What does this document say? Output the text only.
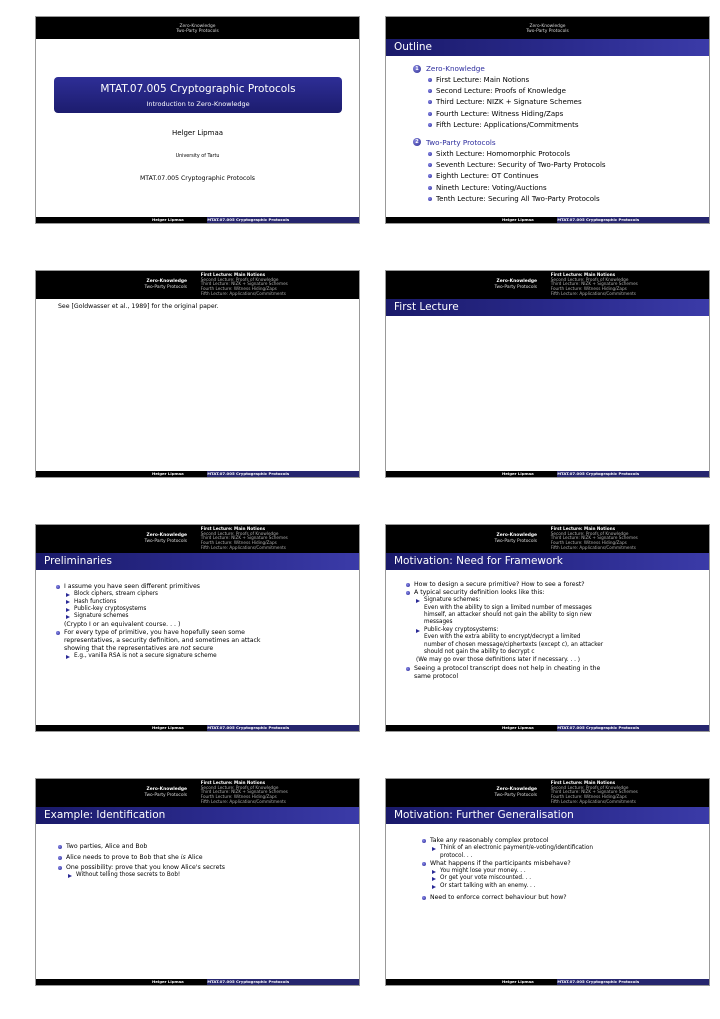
Zero-Knowledge
Two-Party Protocols
MTAT.07.005 Cryptographic Protocols
Introduction to Zero-Knowledge
Helger Lipmaa
University of Tartu
MTAT.07.005 Cryptographic Protocols
Helger Lipmaa	MTAT.07.005 Cryptographic Protocols
Zero-Knowledge
Two-Party Protocols
Outline
1	Zero-Knowledge
First Lecture: Main Notions
Second Lecture: Proofs of Knowledge
Third Lecture: NIZK + Signature Schemes
Fourth Lecture: Witness Hiding/Zaps
Fifth Lecture: Applications/Commitments
2	Two-Party Protocols
Sixth Lecture: Homomorphic Protocols
Seventh Lecture: Security of Two-Party Protocols
Eighth Lecture: OT Continues
Nineth Lecture: Voting/Auctions
Tenth Lecture: Securing All Two-Party Protocols
Helger Lipmaa	MTAT.07.005 Cryptographic Protocols
Zero-Knowledge
Two-Party Protocols
First Lecture: Main Notions
Second Lecture: Proofs of Knowledge
Third Lecture: NIZK + Signature Schemes
Fourth Lecture: Witness Hiding/Zaps
Fifth Lecture: Applications/Commitments
See [Goldwasser et al., 1989] for the original paper.
Helger Lipmaa	MTAT.07.005 Cryptographic Protocols
Zero-Knowledge
Two-Party Protocols
First Lecture: Main Notions
Second Lecture: Proofs of Knowledge
Third Lecture: NIZK + Signature Schemes
Fourth Lecture: Witness Hiding/Zaps
Fifth Lecture: Applications/Commitments
First Lecture
Helger Lipmaa	MTAT.07.005 Cryptographic Protocols
Zero-Knowledge
Two-Party Protocols
First Lecture: Main Notions
Second Lecture: Proofs of Knowledge
Third Lecture: NIZK + Signature Schemes
Fourth Lecture: Witness Hiding/Zaps
Fifth Lecture: Applications/Commitments
Preliminaries
I assume you have seen different primitives
Block ciphers, stream ciphers
Hash functions
Public-key cryptosystems
Signature schemes
(Crypto I or an equivalent course. . . )
For every type of primitive, you have hopefully seen some
representatives, a security definition, and sometimes an attack
showing that the representatives are not secure
E.g., vanilla RSA is not a secure signature scheme
Helger Lipmaa	MTAT.07.005 Cryptographic Protocols
Zero-Knowledge
Two-Party Protocols
First Lecture: Main Notions
Second Lecture: Proofs of Knowledge
Third Lecture: NIZK + Signature Schemes
Fourth Lecture: Witness Hiding/Zaps
Fifth Lecture: Applications/Commitments
Motivation: Need for Framework
How to design a secure primitive? How to see a forest?
A typical security definition looks like this:
Signature schemes:
Even with the ability to sign a limited number of messages
himself, an attacker should not gain the ability to sign new
messages
Public-key cryptosystems:
Even with the extra ability to encrypt/decrypt a limited
number of chosen message/ciphertexts (except c), an attacker
should not gain the ability to decrypt c
(We may go over those definitions later if necessary. . . )
Seeing a protocol transcript does not help in cheating in the
same protocol
Helger Lipmaa	MTAT.07.005 Cryptographic Protocols
Zero-Knowledge
Two-Party Protocols
First Lecture: Main Notions
Second Lecture: Proofs of Knowledge
Third Lecture: NIZK + Signature Schemes
Fourth Lecture: Witness Hiding/Zaps
Fifth Lecture: Applications/Commitments
Example: Identification
Two parties, Alice and Bob
Alice needs to prove to Bob that she is Alice
One possibility: prove that you know Alice's secrets
Without telling those secrets to Bob!
Helger Lipmaa	MTAT.07.005 Cryptographic Protocols
Zero-Knowledge
Two-Party Protocols
First Lecture: Main Notions
Second Lecture: Proofs of Knowledge
Third Lecture: NIZK + Signature Schemes
Fourth Lecture: Witness Hiding/Zaps
Fifth Lecture: Applications/Commitments
Motivation: Further Generalisation
Take any reasonably complex protocol
Think of an electronic payment/e-voting/identification
protocol. . .
What happens if the participants misbehave?
You might lose your money. . .
Or get your vote miscounted. . .
Or start talking with an enemy. . .
Need to enforce correct behaviour but how?
Helger Lipmaa	MTAT.07.005 Cryptographic Protocols
